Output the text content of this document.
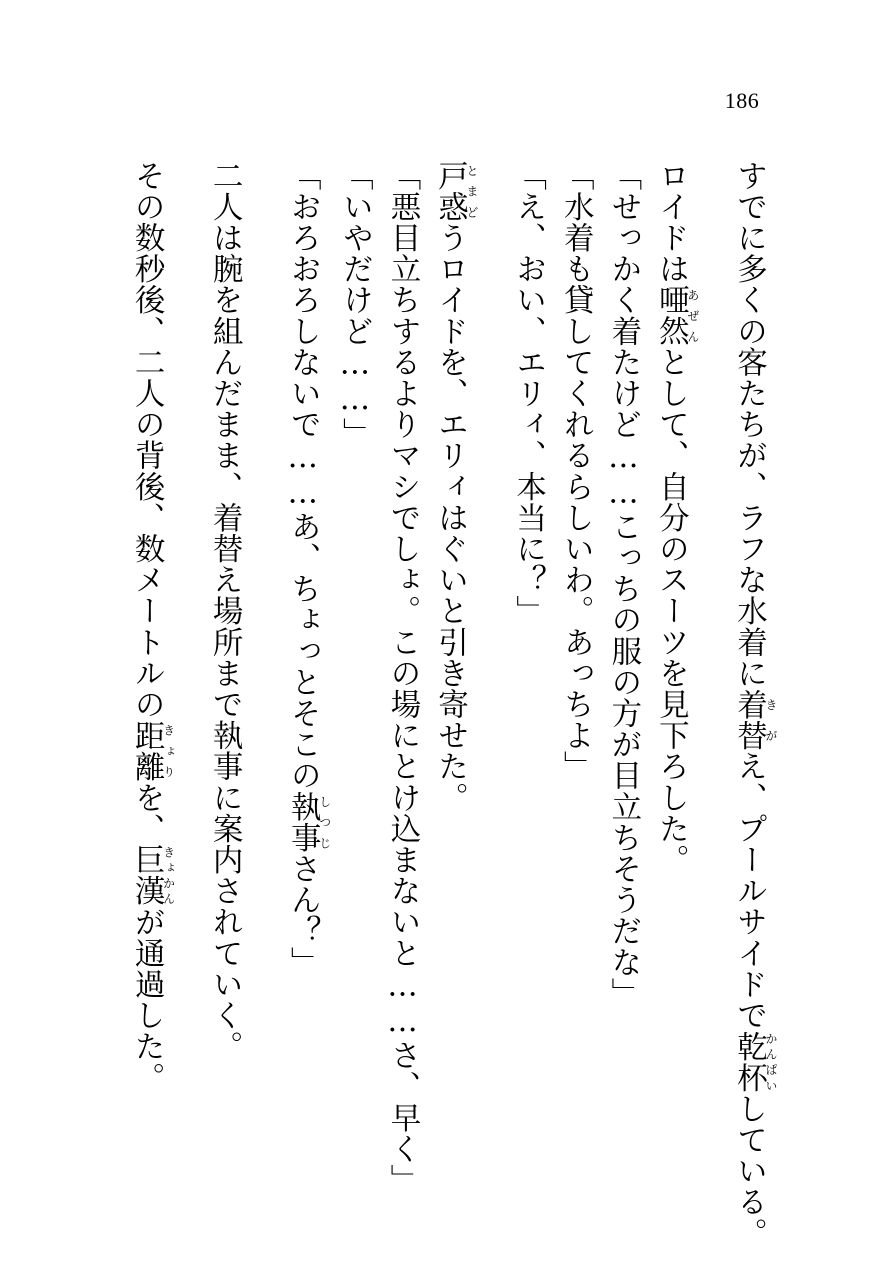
186
すでに多くの客たちが、ラフな水着に着替きがえ、プールサイドで乾杯かんぱいしている。
ロイドは唖然あぜんとして、自分のスーツを見下ろした。
「せっかく着たけど……こっちの服の方が目立ちそうだな」
「水着も貸してくれるらしいわ。あっちよ」
「え、おい、エリィ、本当に？」
戸惑とまどうロイドを、エリィはぐいと引き寄せた。
「悪目立ちするよりマシでしょ。この場にとけ込まないと……さ、早く」
「いやだけど……」
「おろおろしないで……あ、ちょっとそこの執事しつじさん？」
二人は腕を組んだまま、着替え場所まで執事に案内されていく。
その数秒後、二人の背後、数メートルの距離きょりを、巨漢きょかんが通過した。
